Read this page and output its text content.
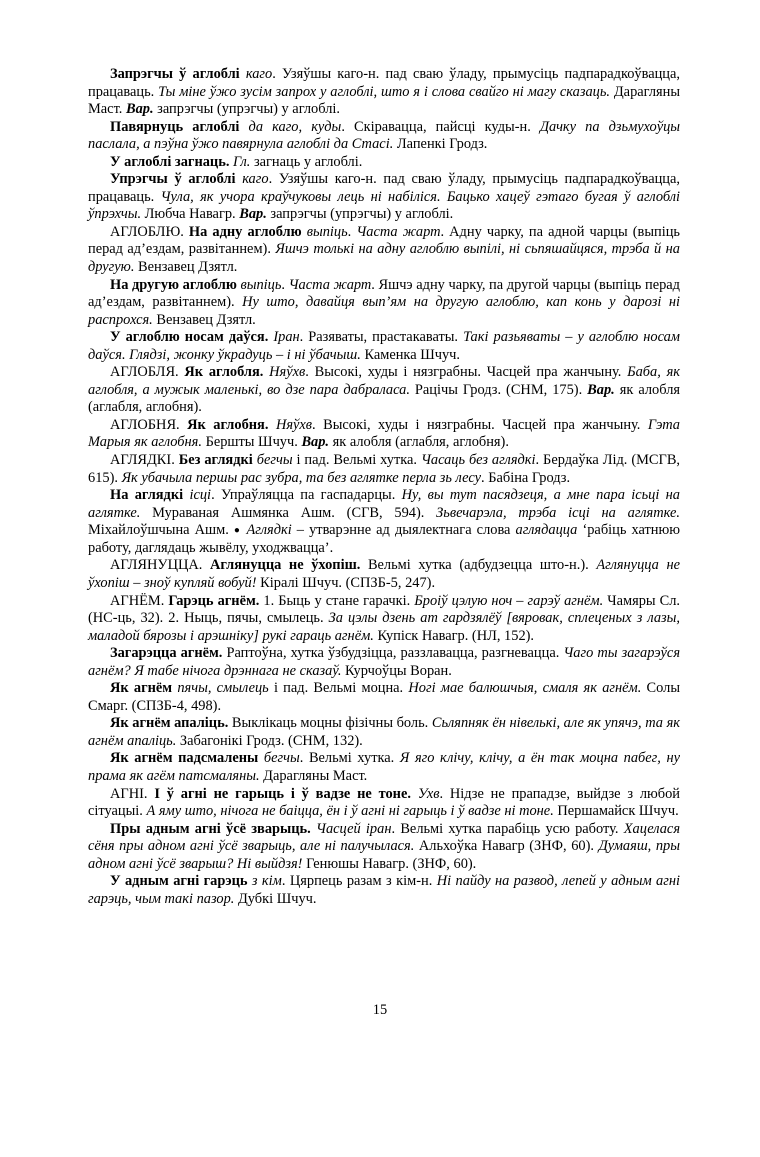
Запрэгчы ў аглоблі каго. Узяўшы каго-н. пад сваю ўладу, прымусіць падпарадкоўвацца, працаваць. Ты міне ўжо зусім запрох у аглоблі, што я і слова свайго ні магу сказаць. Дарагляны Маст. Вар. запрэгчы (упрэгчы) у аглоблі.

Павярнуць аглоблі да каго, куды. Скіравацца, пайсці куды-н. Дачку па дзьмухоўцы паслала, а пэўна ўжо павярнула аглоблі да Стасі. Лапенкі Гродз.

У аглоблі загнаць. Гл. загнаць у аглоблі.

Упрэгчы ў аглоблі каго. Узяўшы каго-н. пад сваю ўладу, прымусіць падпарадкоўвацца, працаваць. Чула, як учора краўчуковы лець ні набіліся. Бацько хацеў гэтаго бугая ў аглоблі ўпрэхчы. Любча Навагр. Вар. запрэгчы (упрэгчы) у аглоблі.

АГЛОБЛЮ. На адну аглоблю выпіць. Часта жарт. Адну чарку, па адной чарцы (выпіць перад ад’ездам, развітаннем). Яшчэ толькі на адну аглоблю выпілі, ні сьпяшайцяся, трэба й на другую. Вензавец Дзятл.

На другую аглоблю выпіць. Часта жарт. Яшчэ адну чарку, па другой чарцы (выпіць перад ад’ездам, развітаннем). Ну што, давайця вып’ям на другую аглоблю, кап конь у дарозі ні распрохся. Вензавец Дзятл.

У аглоблю носам даўся. Іран. Разяваты, прастакаваты. Такі разьяваты – у аглоблю носам даўся. Глядзі, жонку ўкрадуць – і ні ўбачыш. Каменка Шчуч.

АГЛОБЛЯ. Як аглобля. Няўхв. Высокі, худы і нязграбны. Часцей пра жанчыну. Баба, як аглобля, а мужык маленькі, во дзе пара дабраласа. Рацічы Гродз. (СНМ, 175). Вар. як алобля (аглабля, аглобня).

АГЛОБНЯ. Як аглобня. Няўхв. Высокі, худы і нязграбны. Часцей пра жанчыну. Гэта Марыя як аглобня. Бершты Шчуч. Вар. як алобля (аглабля, аглобня).

АГЛЯДКІ. Без аглядкі бегчы і пад. Вельмі хутка. Часаць без аглядкі. Бердаўка Лід. (МСГВ, 615). Як убачыла першы рас зубра, та без аглятке перла зь лесу. Бабіна Гродз.

На аглядкі ісці. Упраўляцца па гаспадарцы. Ну, вы тут пасядзеця, а мне пара ісьці на аглятке. Мураваная Ашмянка Ашм. (СГВ, 594). Зьвечарэла, трэба ісці на аглятке. Міхайлоўшчына Ашм. ● Аглядкі – утварэнне ад дыялектнага слова аглядацца ‘рабіць хатнюю работу, даглядаць жывёлу, уходжвацца’.

АГЛЯНУЦЦА. Аглянуцца не ўхопіш. Вельмі хутка (адбудзецца што-н.). Аглянуцца не ўхопіш – зноў купляй вобуй! Кіралі Шчуч. (СПЗБ-5, 247).

АГНЁМ. Гарэць агнём. 1. Быць у стане гарачкі. Броіў цэлую ноч – гарэў агнём. Чамяры Сл. (НС-ць, 32). 2. Ныць, пячы, смылець. За цэлы дзень ат гардзялёў [вяровак, сплеценых з лазы, маладой бярозы і арэшніку] рукі гараць агнём. Купіск Навагр. (НЛ, 152).

Загарэцца агнём. Раптоўна, хутка ўзбудзіцца, раззлавацца, разгневацца. Чаго ты загарэўся агнём? Я табе нічога дрэннага не сказаў. Курчоўцы Воран.

Як агнём пячы, смылець і пад. Вельмі моцна. Ногі мае балюшчыя, смаля як агнём. Солы Смарг. (СПЗБ-4, 498).

Як агнём апаліць. Выклікаць моцны фізічны боль. Сьляпняк ён нівелькі, але як упячэ, та як агнём апаліць. Забагонікі Гродз. (СНМ, 132).

Як агнём падсмалены бегчы. Вельмі хутка. Я яго клічу, клічу, а ён так моцна пабег, ну прама як агём патсмаляны. Дарагляны Маст.

АГНІ. І ў агні не гарыць і ў вадзе не тоне. Ухв. Нідзе не прападзе, выйдзе з любой сітуацыі. А яму што, нічога не баіцца, ён і ў агні ні гарыць і ў вадзе ні тоне. Першамайск Шчуч.

Пры адным агні ўсё зварыць. Часцей іран. Вельмі хутка парабіць усю работу. Хацелася сёня пры адном агні ўсё зварыць, але ні палучылася. Альхоўка Навагр (ЗНФ, 60). Думаяш, пры адном агні ўсё зварыш? Ні выйдзя! Генюшы Навагр. (ЗНФ, 60).

У адным агні гарэць з кім. Цярпець разам з кім-н. Ні пайду на развод, лепей у адным агні гарэць, чым такі пазор. Дубкі Шчуч.

15
